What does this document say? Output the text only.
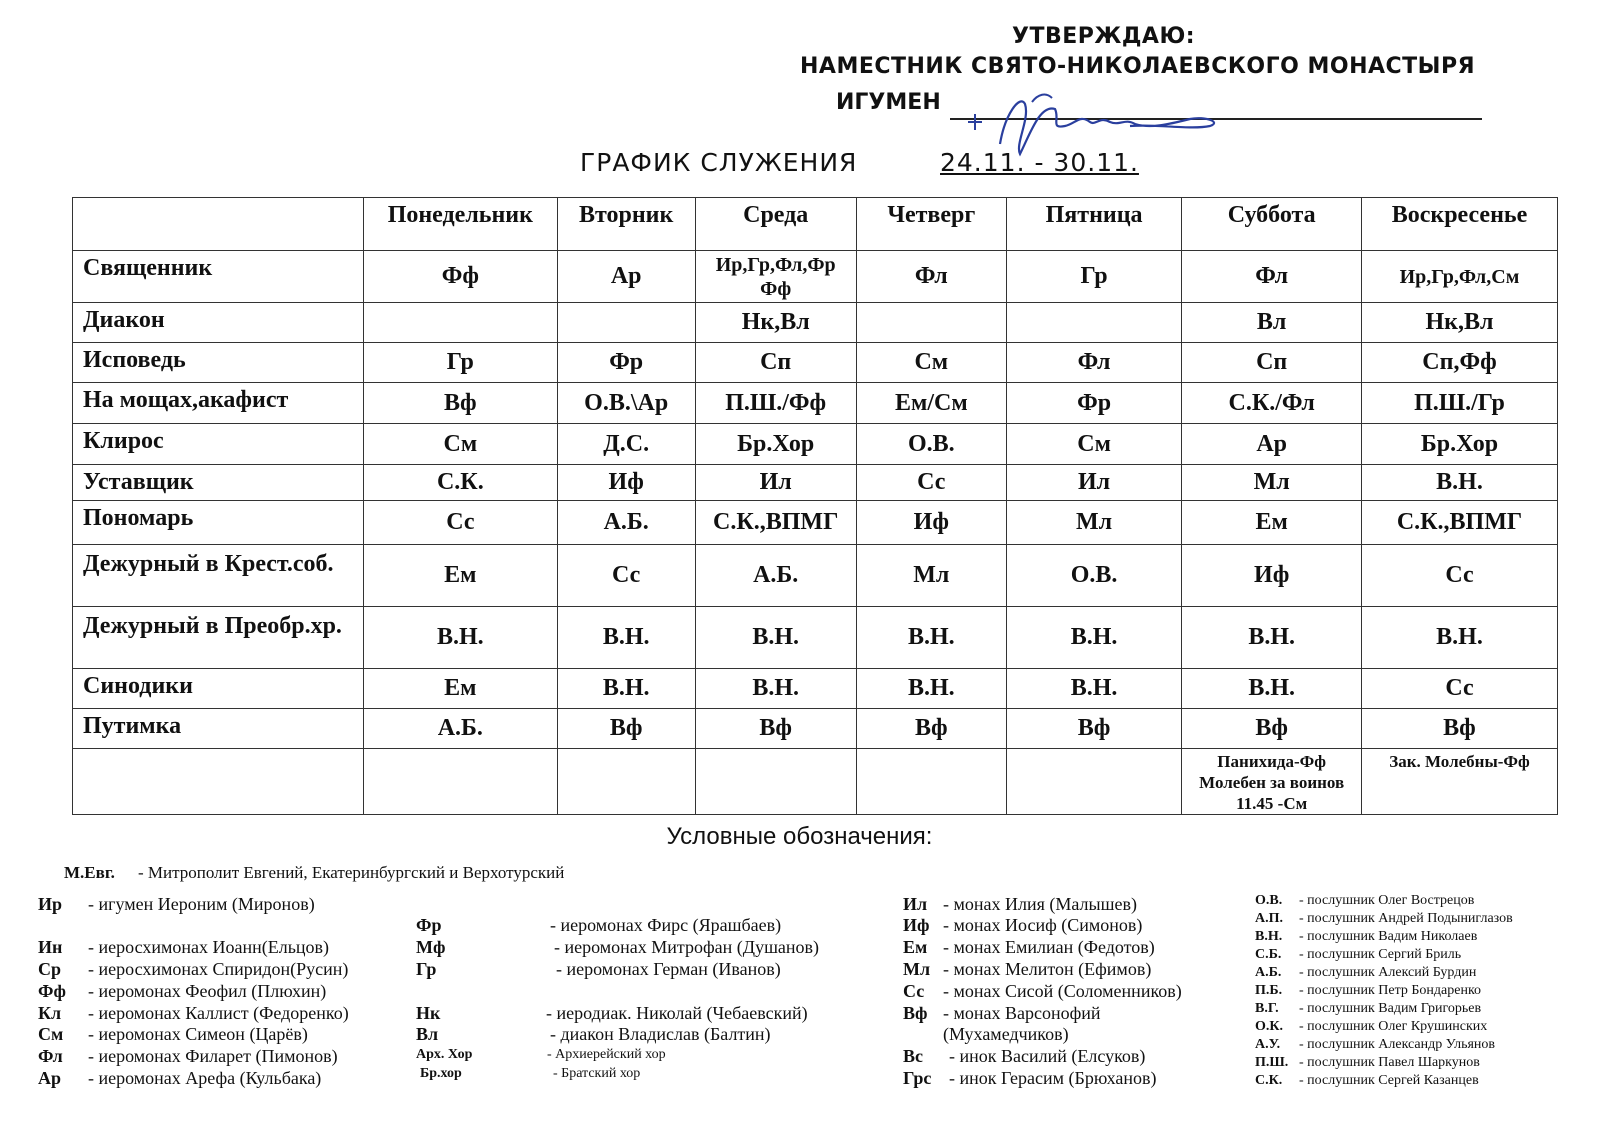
УТВЕРЖДАЮ:
НАМЕСТНИК СВЯТО-НИКОЛАЕВСКОГО МОНАСТЫРЯ
ИГУМЕН
ГРАФИК СЛУЖЕНИЯ	24.11. - 30.11.
	Понедельник	Вторник	Среда	Четверг	Пятница	Суббота	Воскресенье
Священник	Фф	Ар	Ир,Гр,Фл,Фр Фф	Фл	Гр	Фл	Ир,Гр,Фл,См
Диакон			Нк,Вл			Вл	Нк,Вл
Исповедь	Гр	Фр	Сп	См	Фл	Сп	Сп,Фф
На мощах,акафист	Вф	О.В.\Ар	П.Ш./Фф	Ем/См	Фр	С.К./Фл	П.Ш./Гр
Клирос	См	Д.С.	Бр.Хор	О.В.	См	Ар	Бр.Хор
Уставщик	С.К.	Иф	Ил	Сс	Ил	Мл	В.Н.
Пономарь	Сс	А.Б.	С.К.,ВПМГ	Иф	Мл	Ем	С.К.,ВПМГ
Дежурный в Крест.соб.	Ем	Сс	А.Б.	Мл	О.В.	Иф	Сс
Дежурный в Преобр.хр.	В.Н.	В.Н.	В.Н.	В.Н.	В.Н.	В.Н.	В.Н.
Синодики	Ем	В.Н.	В.Н.	В.Н.	В.Н.	В.Н.	Сс
Путимка	А.Б.	Вф	Вф	Вф	Вф	Вф	Вф
						Панихида-Фф Молебен за воинов 11.45 -См	Зак. Молебны-Фф
Условные обозначения:
М.Евг. - Митрополит Евгений, Екатеринбургский и Верхотурский
Ир - игумен Иероним (Миронов)
Ин - иеросхимонах Иоанн(Ельцов)
Ср - иеросхимонах Спиридон(Русин)
Фф - иеромонах Феофил (Плюхин)
Кл - иеромонах Каллист (Федоренко)
См - иеромонах Симеон (Царёв)
Фл - иеромонах Филарет (Пимонов)
Ар - иеромонах Арефа (Кульбака)
Фр	- иеромонах Фирс (Ярашбаев)
Мф	- иеромонах Митрофан (Душанов)
Гр	- иеромонах Герман (Иванов)
Нк	- иеродиак. Николай (Чебаевский)
Вл	- диакон Владислав (Балтин)
Арх. Хор	- Архиерейский хор
Бр.хор	- Братский хор
Ил - монах Илия (Малышев)
Иф - монах Иосиф (Симонов)
Ем - монах Емилиан (Федотов)
Мл - монах Мелитон (Ефимов)
Сс - монах Сисой (Соломенников)
Вф - монах Варсонофий
(Мухамедчиков)
Вс - инок Василий (Елсуков)
Грс - инок Герасим (Брюханов)
О.В. - послушник Олег Вострецов
А.П. - послушник Андрей Подыниглазов
В.Н. - послушник Вадим Николаев
С.Б. - послушник Сергий Бриль
А.Б. - послушник Алексий Бурдин
П.Б. - послушник Петр Бондаренко
В.Г. - послушник Вадим Григорьев
О.К. - послушник Олег Крушинских
А.У. - послушник Александр Ульянов
П.Ш. - послушник Павел Шаркунов
С.К. - послушник Сергей Казанцев
